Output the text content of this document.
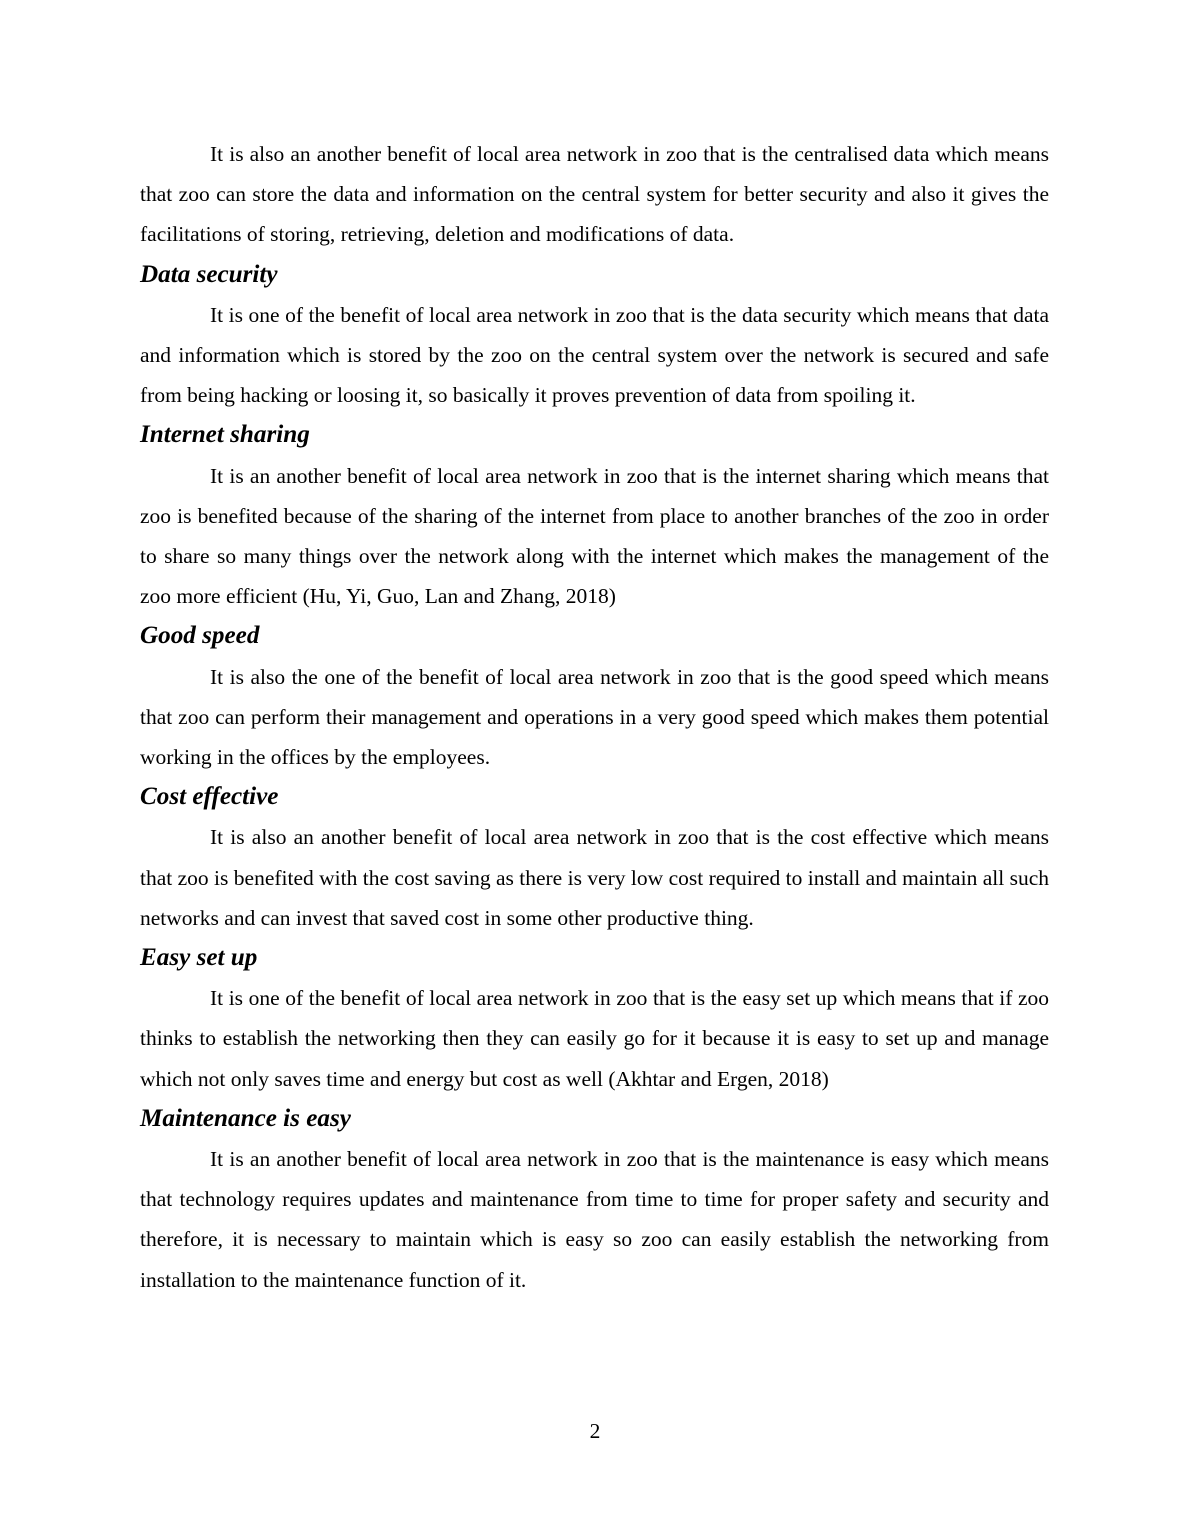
It is also an another benefit of local area network in zoo that is the centralised data which means that zoo can store the data and information on the central system for better security and also it gives the facilitations of storing, retrieving, deletion and modifications of data.

Data security

It is one of the benefit of local area network in zoo that is the data security which means that data and information which is stored by the zoo on the central system over the network is secured and safe from being hacking or loosing it, so basically it proves prevention of data from spoiling it.

Internet sharing

It is an another benefit of local area network in zoo that is the internet sharing which means that zoo is benefited because of the sharing of the internet from place to another branches of the zoo in order to share so many things over the network along with the internet which makes the management of the zoo more efficient (Hu, Yi, Guo, Lan and Zhang, 2018)

Good speed

It is also the one of the benefit of local area network in zoo that is the good speed which means that zoo can perform their management and operations in a very good speed which makes them potential working in the offices by the employees.

Cost effective

It is also an another benefit of local area network in zoo that is the cost effective which means that zoo is benefited with the cost saving as there is very low cost required to install and maintain all such networks and can invest that saved cost in some other productive thing.

Easy set up

It is one of the benefit of local area network in zoo that is the easy set up which means that if zoo thinks to establish the networking then they can easily go for it because it is easy to set up and manage which not only saves time and energy but cost as well (Akhtar and Ergen, 2018)

Maintenance is easy

It is an another benefit of local area network in zoo that is the maintenance is easy which means that technology requires updates and maintenance from time to time for proper safety and security and therefore, it is necessary to maintain which is easy so zoo can easily establish the networking from installation to the maintenance function of it.

2
